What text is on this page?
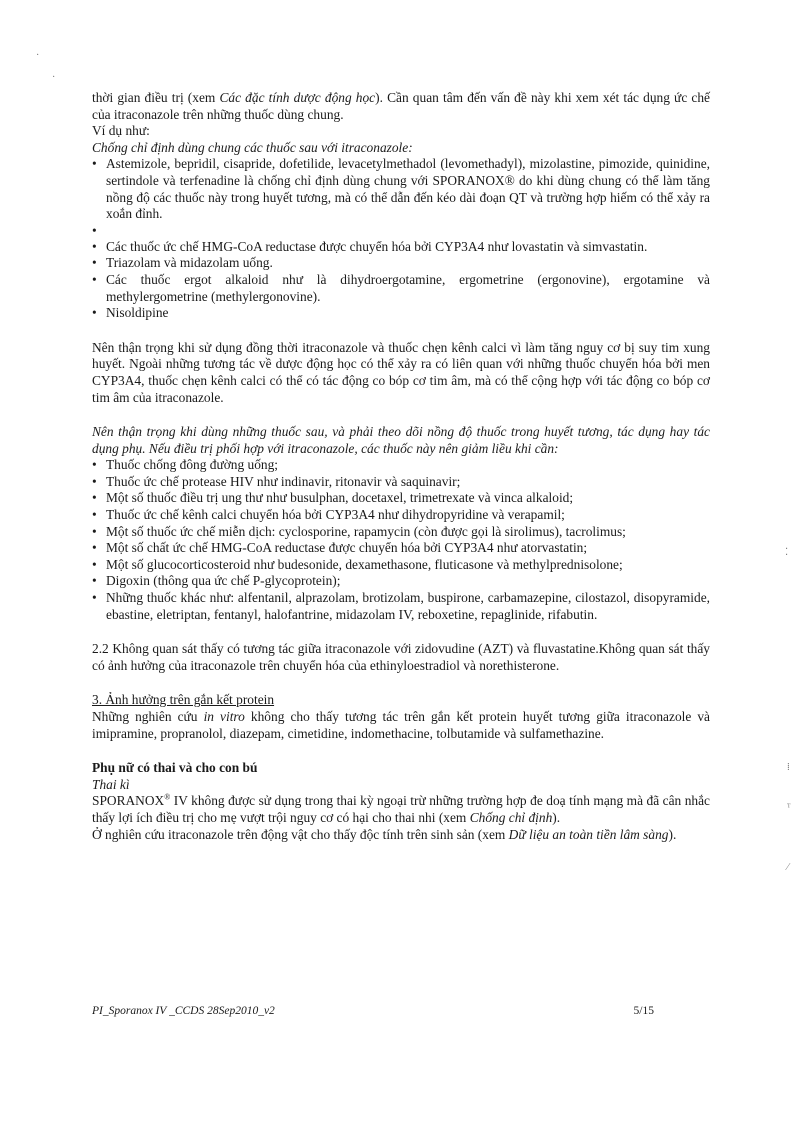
thời gian điều trị (xem Các đặc tính dược động học). Cần quan tâm đến vấn đề này khi xem xét tác dụng ức chế của itraconazole trên những thuốc dùng chung.

Ví dụ như:

Chống chỉ định dùng chung các thuốc sau với itraconazole:

• Astemizole, bepridil, cisapride, dofetilide, levacetylmethadol (levomethadyl), mizolastine, pimozide, quinidine, sertindole và terfenadine là chống chỉ định dùng chung với SPORANOX® do khi dùng chung có thể làm tăng nồng độ các thuốc này trong huyết tương, mà có thể dẫn đến kéo dài đoạn QT và trường hợp hiếm có thể xảy ra xoắn đỉnh.
•
• Các thuốc ức chế HMG-CoA reductase được chuyển hóa bởi CYP3A4 như lovastatin và simvastatin.
• Triazolam và midazolam uống.
• Các thuốc ergot alkaloid như là dihydroergotamine, ergometrine (ergonovine), ergotamine và methylergometrine (methylergonovine).
• Nisoldipine

Nên thận trọng khi sử dụng đồng thời itraconazole và thuốc chẹn kênh calci vì làm tăng nguy cơ bị suy tim xung huyết. Ngoài những tương tác về dược động học có thể xảy ra có liên quan với những thuốc chuyển hóa bởi men CYP3A4, thuốc chẹn kênh calci có thể có tác động co bóp cơ tim âm, mà có thể cộng hợp với tác động co bóp cơ tim âm của itraconazole.

Nên thận trọng khi dùng những thuốc sau, và phải theo dõi nồng độ thuốc trong huyết tương, tác dụng hay tác dụng phụ. Nếu điều trị phối hợp với itraconazole, các thuốc này nên giảm liều khi cần:

• Thuốc chống đông đường uống;
• Thuốc ức chế protease HIV như indinavir, ritonavir và saquinavir;
• Một số thuốc điều trị ung thư như busulphan, docetaxel, trimetrexate và vinca alkaloid;
• Thuốc ức chế kênh calci chuyển hóa bởi CYP3A4 như dihydropyridine và verapamil;
• Một số thuốc ức chế miễn dịch: cyclosporine, rapamycin (còn được gọi là sirolimus), tacrolimus;
• Một số chất ức chế HMG-CoA reductase được chuyển hóa bởi CYP3A4 như atorvastatin;
• Một số glucocorticosteroid như budesonide, dexamethasone, fluticasone và methylprednisolone;
• Digoxin (thông qua ức chế P-glycoprotein);
• Những thuốc khác như: alfentanil, alprazolam, brotizolam, buspirone, carbamazepine, cilostazol, disopyramide, ebastine, eletriptan, fentanyl, halofantrine, midazolam IV, reboxetine, repaglinide, rifabutin.

2.2 Không quan sát thấy có tương tác giữa itraconazole với zidovudine (AZT) và fluvastatine.Không quan sát thấy có ảnh hưởng của itraconazole trên chuyển hóa của ethinyloestradiol và norethisterone.

3. Ảnh hưởng trên gắn kết protein

Những nghiên cứu in vitro không cho thấy tương tác trên gắn kết protein huyết tương giữa itraconazole và imipramine, propranolol, diazepam, cimetidine, indomethacine, tolbutamide và sulfamethazine.

Phụ nữ có thai và cho con bú

Thai kì

SPORANOX® IV không được sử dụng trong thai kỳ ngoại trừ những trường hợp đe doạ tính mạng mà đã cân nhắc thấy lợi ích điều trị cho mẹ vượt trội nguy cơ có hại cho thai nhi (xem Chống chỉ định).

Ở nghiên cứu itraconazole trên động vật cho thấy độc tính trên sinh sản (xem Dữ liệu an toàn tiền lâm sàng).

PI_Sporanox IV _CCDS 28Sep2010_v2	5/15
·
·
⁚
⁞
ᵀ
⁄
